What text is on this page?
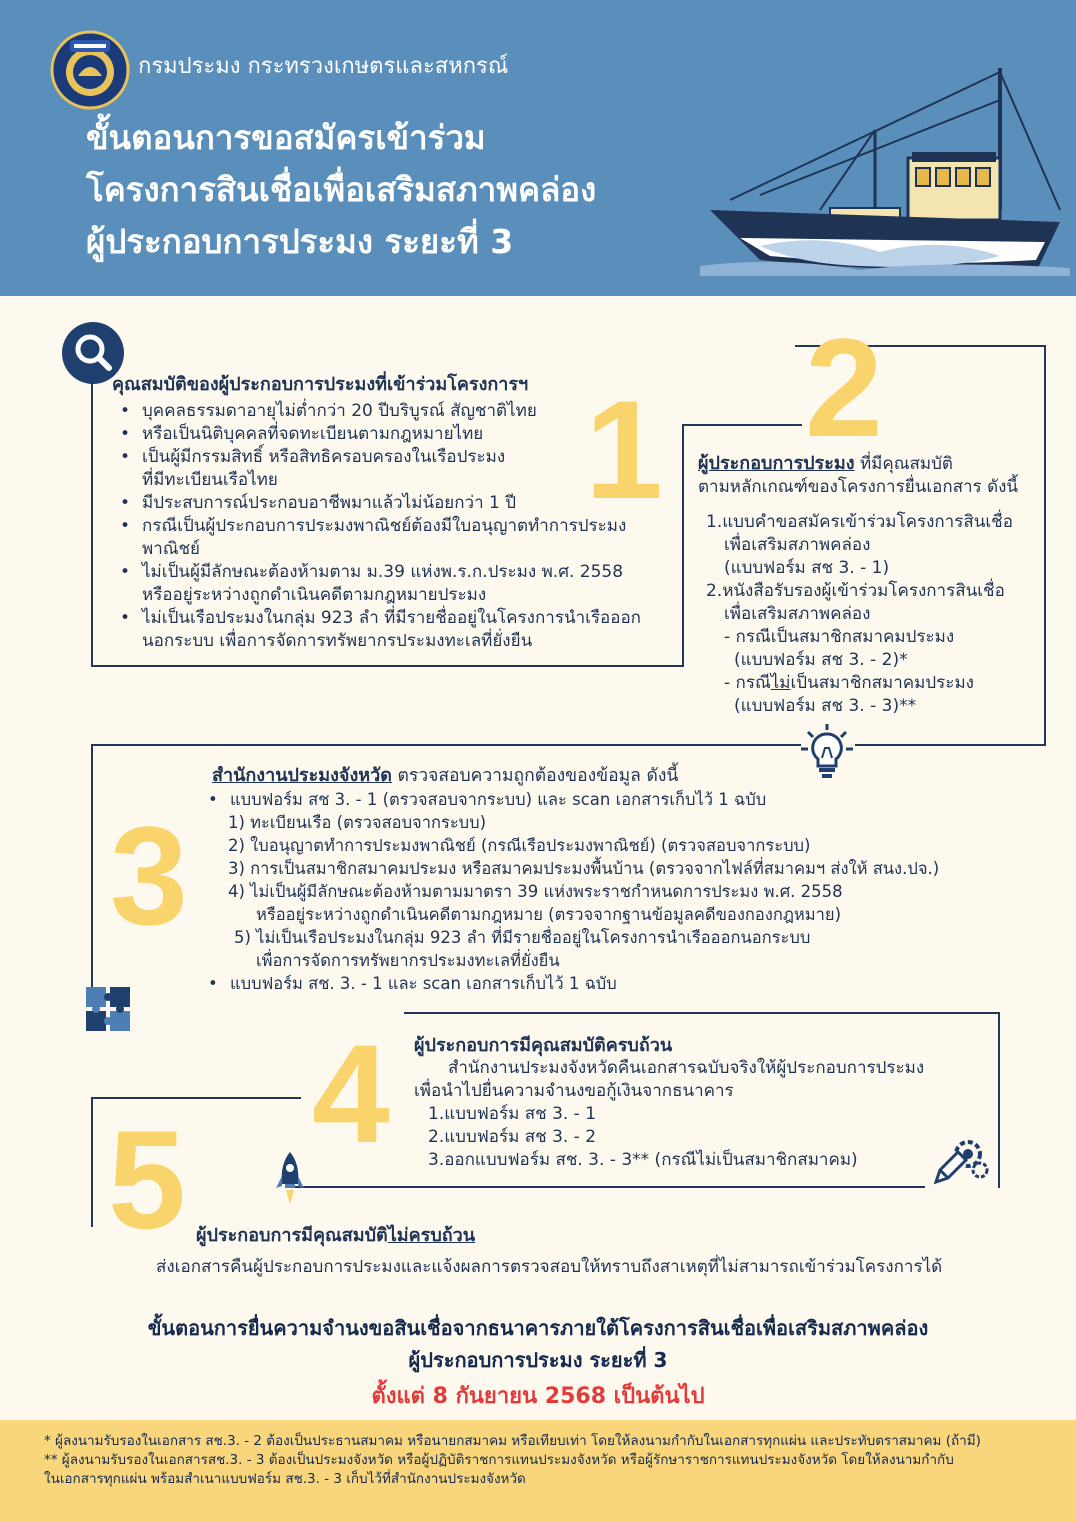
กรมประมง กระทรวงเกษตรและสหกรณ์
ขั้นตอนการขอสมัครเข้าร่วม
โครงการสินเชื่อเพื่อเสริมสภาพคล่อง
ผู้ประกอบการประมง ระยะที่ 3
1
คุณสมบัติของผู้ประกอบการประมงที่เข้าร่วมโครงการฯ
• บุคคลธรรมดาอายุไม่ต่ำกว่า 20 ปีบริบูรณ์ สัญชาติไทย
• หรือเป็นนิติบุคคลที่จดทะเบียนตามกฎหมายไทย
• เป็นผู้มีกรรมสิทธิ์ หรือสิทธิครอบครองในเรือประมง
ที่มีทะเบียนเรือไทย
• มีประสบการณ์ประกอบอาชีพมาแล้วไม่น้อยกว่า 1 ปี
• กรณีเป็นผู้ประกอบการประมงพาณิชย์ต้องมีใบอนุญาตทำการประมง
พาณิชย์
• ไม่เป็นผู้มีลักษณะต้องห้ามตาม ม.39 แห่งพ.ร.ก.ประมง พ.ศ. 2558
หรืออยู่ระหว่างถูกดำเนินคดีตามกฎหมายประมง
• ไม่เป็นเรือประมงในกลุ่ม 923 ลำ ที่มีรายชื่ออยู่ในโครงการนำเรือออก
นอกระบบ เพื่อการจัดการทรัพยากรประมงทะเลที่ยั่งยืน
2
ผู้ประกอบการประมง ที่มีคุณสมบัติ
ตามหลักเกณฑ์ของโครงการยื่นเอกสาร ดังนี้
1.แบบคำขอสมัครเข้าร่วมโครงการสินเชื่อ
เพื่อเสริมสภาพคล่อง
(แบบฟอร์ม สช 3. - 1)
2.หนังสือรับรองผู้เข้าร่วมโครงการสินเชื่อ
เพื่อเสริมสภาพคล่อง
- กรณีเป็นสมาชิกสมาคมประมง
(แบบฟอร์ม สช 3. - 2)*
- กรณีไม่เป็นสมาชิกสมาคมประมง
(แบบฟอร์ม สช 3. - 3)**
3
สำนักงานประมงจังหวัด ตรวจสอบความถูกต้องของข้อมูล ดังนี้
• แบบฟอร์ม สช 3. - 1 (ตรวจสอบจากระบบ) และ scan เอกสารเก็บไว้ 1 ฉบับ
1) ทะเบียนเรือ (ตรวจสอบจากระบบ)
2) ใบอนุญาตทำการประมงพาณิชย์ (กรณีเรือประมงพาณิชย์) (ตรวจสอบจากระบบ)
3) การเป็นสมาชิกสมาคมประมง หรือสมาคมประมงพื้นบ้าน (ตรวจจากไฟล์ที่สมาคมฯ ส่งให้ สนง.ปจ.)
4) ไม่เป็นผู้มีลักษณะต้องห้ามตามมาตรา 39 แห่งพระราชกำหนดการประมง พ.ศ. 2558
หรืออยู่ระหว่างถูกดำเนินคดีตามกฎหมาย (ตรวจจากฐานข้อมูลคดีของกองกฎหมาย)
5) ไม่เป็นเรือประมงในกลุ่ม 923 ลำ ที่มีรายชื่ออยู่ในโครงการนำเรือออกนอกระบบ
เพื่อการจัดการทรัพยากรประมงทะเลที่ยั่งยืน
• แบบฟอร์ม สช. 3. - 1 และ scan เอกสารเก็บไว้ 1 ฉบับ
4 ผู้ประกอบการมีคุณสมบัติครบถ้วน
สำนักงานประมงจังหวัดคืนเอกสารฉบับจริงให้ผู้ประกอบการประมง
เพื่อนำไปยื่นความจำนงขอกู้เงินจากธนาคาร
1.แบบฟอร์ม สช 3. - 1
2.แบบฟอร์ม สช 3. - 2
3.ออกแบบฟอร์ม สช. 3. - 3** (กรณีไม่เป็นสมาชิกสมาคม)
5 ผู้ประกอบการมีคุณสมบัติไม่ครบถ้วน
ส่งเอกสารคืนผู้ประกอบการประมงและแจ้งผลการตรวจสอบให้ทราบถึงสาเหตุที่ไม่สามารถเข้าร่วมโครงการได้
ขั้นตอนการยื่นความจำนงขอสินเชื่อจากธนาคารภายใต้โครงการสินเชื่อเพื่อเสริมสภาพคล่อง
ผู้ประกอบการประมง ระยะที่ 3
ตั้งแต่ 8 กันยายน 2568 เป็นต้นไป
* ผู้ลงนามรับรองในเอกสาร สช.3. - 2 ต้องเป็นประธานสมาคม หรือนายกสมาคม หรือเทียบเท่า โดยให้ลงนามกำกับในเอกสารทุกแผ่น และประทับตราสมาคม (ถ้ามี)
** ผู้ลงนามรับรองในเอกสารสช.3. - 3 ต้องเป็นประมงจังหวัด หรือผู้ปฏิบัติราชการแทนประมงจังหวัด หรือผู้รักษาราชการแทนประมงจังหวัด โดยให้ลงนามกำกับ
ในเอกสารทุกแผ่น พร้อมสำเนาแบบฟอร์ม สช.3. - 3 เก็บไว้ที่สำนักงานประมงจังหวัด
